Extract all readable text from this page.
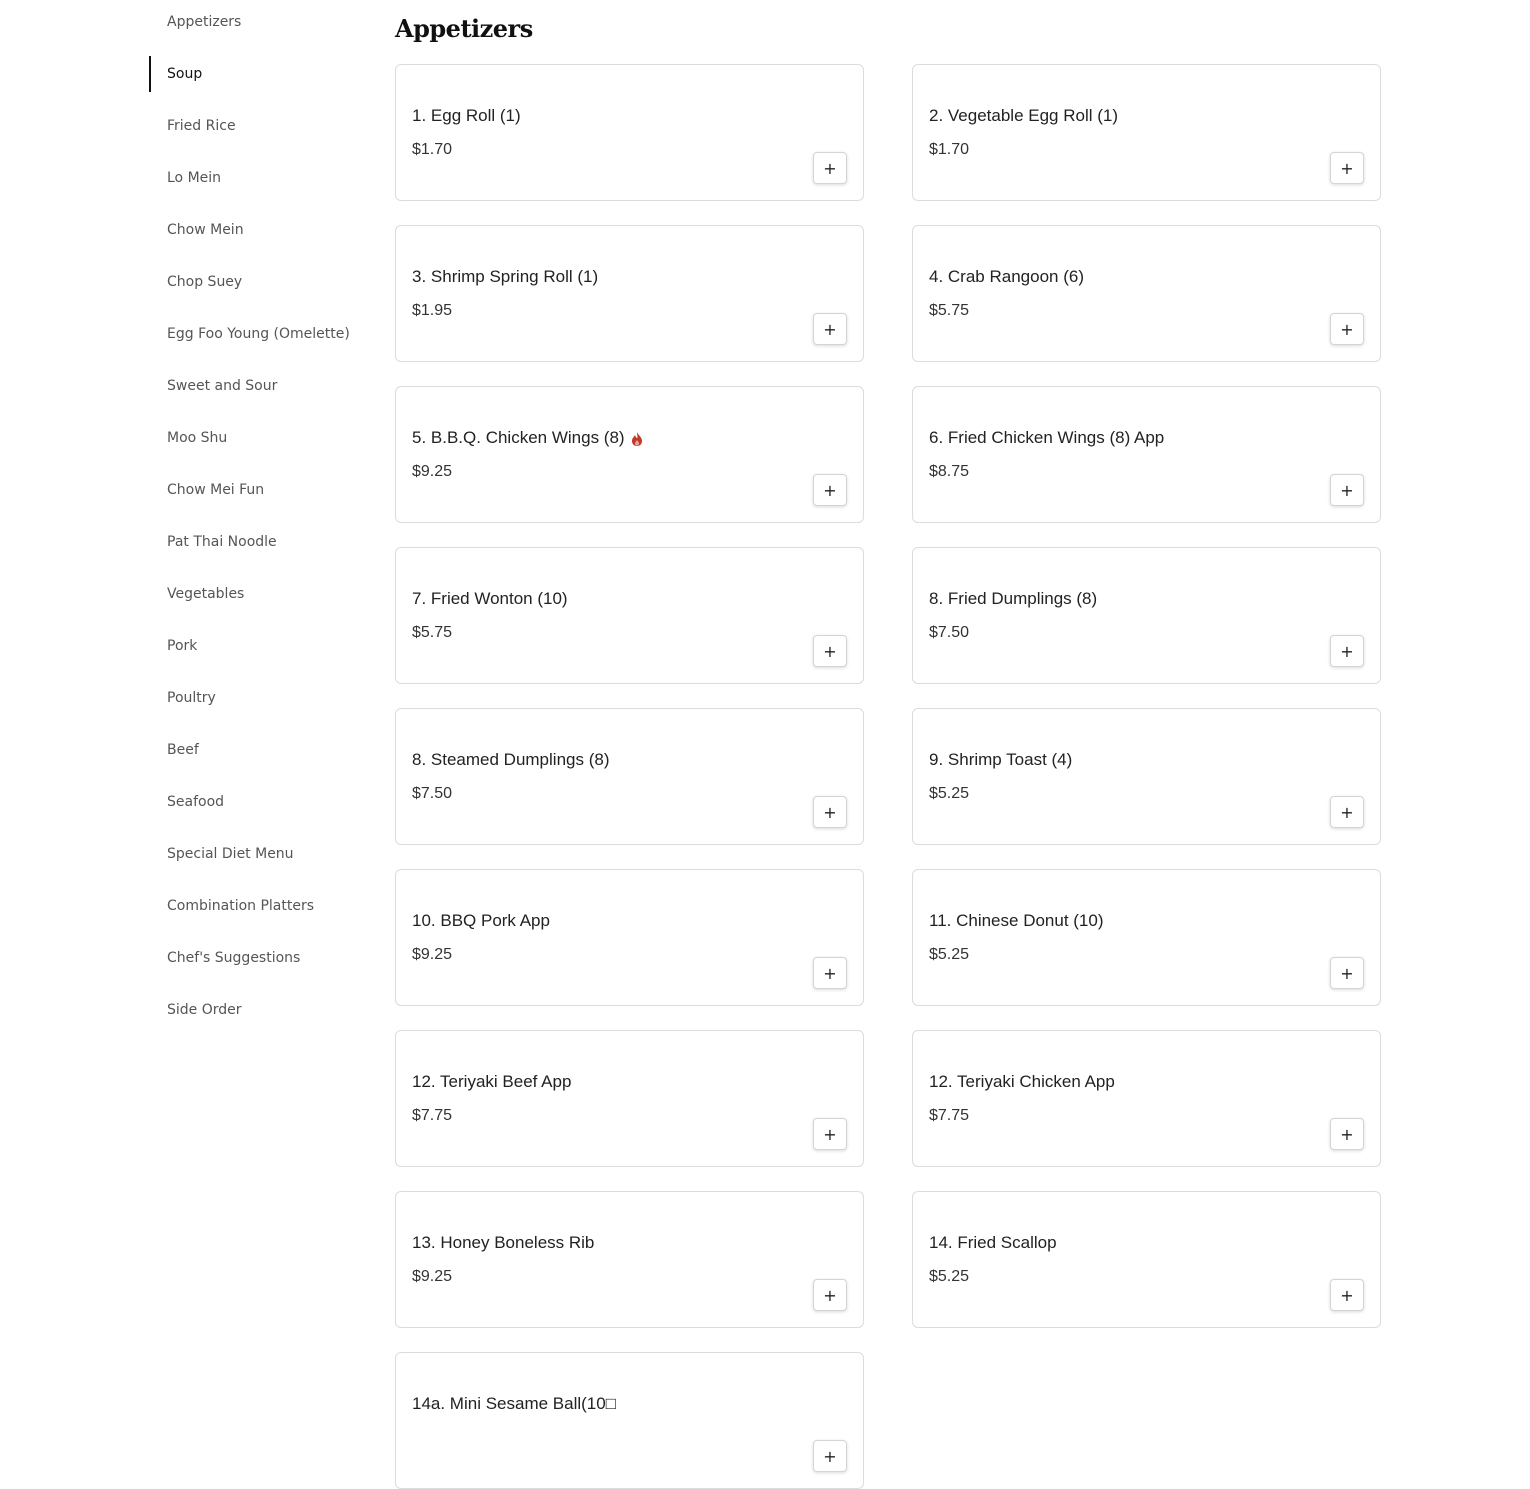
Appetizers
Soup
Fried Rice
Lo Mein
Chow Mein
Chop Suey
Egg Foo Young (Omelette)
Sweet and Sour
Moo Shu
Chow Mei Fun
Pat Thai Noodle
Vegetables
Pork
Poultry
Beef
Seafood
Special Diet Menu
Combination Platters
Chef's Suggestions
Side Order
Appetizers
1. Egg Roll (1)
$1.70
+
2. Vegetable Egg Roll (1)
$1.70
+
3. Shrimp Spring Roll (1)
$1.95
+
4. Crab Rangoon (6)
$5.75
+
5. B.B.Q. Chicken Wings (8)
$9.25
+
6. Fried Chicken Wings (8) App
$8.75
+
7. Fried Wonton (10)
$5.75
+
8. Fried Dumplings (8)
$7.50
+
8. Steamed Dumplings (8)
$7.50
+
9. Shrimp Toast (4)
$5.25
+
10. BBQ Pork App
$9.25
+
11. Chinese Donut (10)
$5.25
+
12. Teriyaki Beef App
$7.75
+
12. Teriyaki Chicken App
$7.75
+
13. Honey Boneless Rib
$9.25
+
14. Fried Scallop
$5.25
+
14a. Mini Sesame Ball(10□
+
